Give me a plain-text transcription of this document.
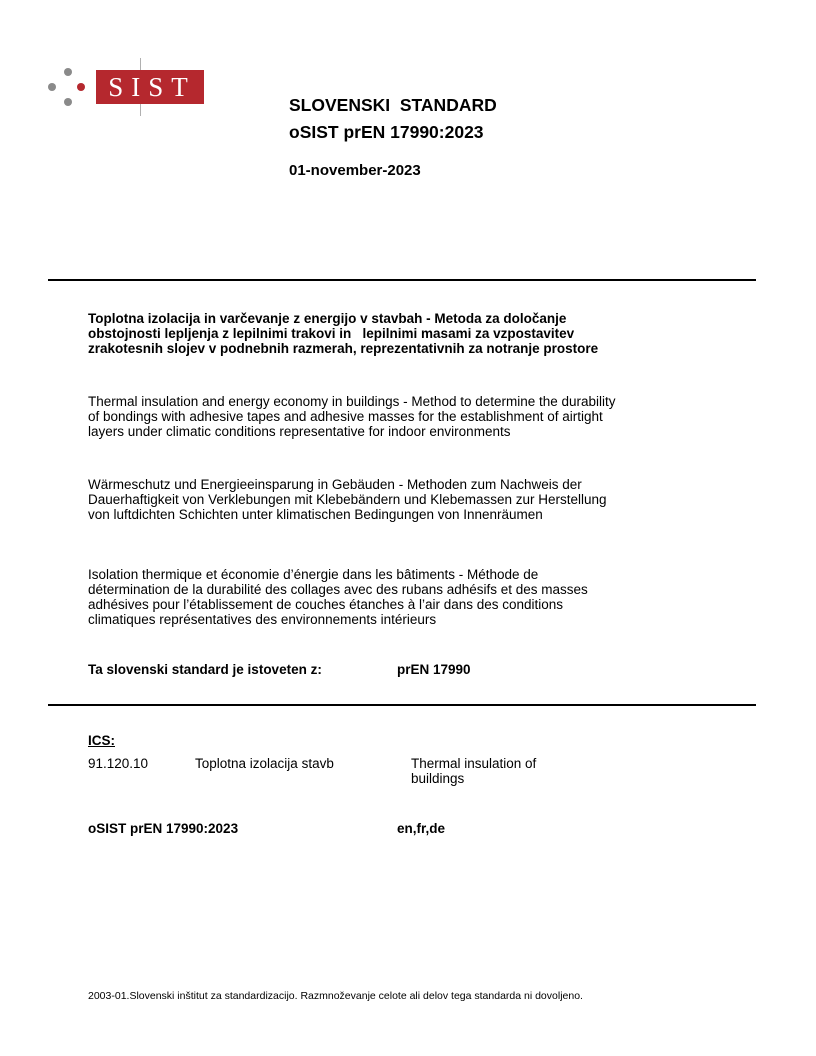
SIST
SLOVENSKI  STANDARD
oSIST prEN 17990:2023
01-november-2023
Toplotna izolacija in varčevanje z energijo v stavbah - Metoda za določanje
obstojnosti lepljenja z lepilnimi trakovi in   lepilnimi masami za vzpostavitev
zrakotesnih slojev v podnebnih razmerah, reprezentativnih za notranje prostore
Thermal insulation and energy economy in buildings - Method to determine the durability
of bondings with adhesive tapes and adhesive masses for the establishment of airtight
layers under climatic conditions representative for indoor environments
Wärmeschutz und Energieeinsparung in Gebäuden - Methoden zum Nachweis der
Dauerhaftigkeit von Verklebungen mit Klebebändern und Klebemassen zur Herstellung
von luftdichten Schichten unter klimatischen Bedingungen von Innenräumen
Isolation thermique et économie d’énergie dans les bâtiments - Méthode de
détermination de la durabilité des collages avec des rubans adhésifs et des masses
adhésives pour l’établissement de couches étanches à l’air dans des conditions
climatiques représentatives des environnements intérieurs
Ta slovenski standard je istoveten z:	prEN 17990
ICS:
91.120.10	Toplotna izolacija stavb	Thermal insulation of
buildings
oSIST prEN 17990:2023	en,fr,de
2003-01.Slovenski inštitut za standardizacijo. Razmnoževanje celote ali delov tega standarda ni dovoljeno.
